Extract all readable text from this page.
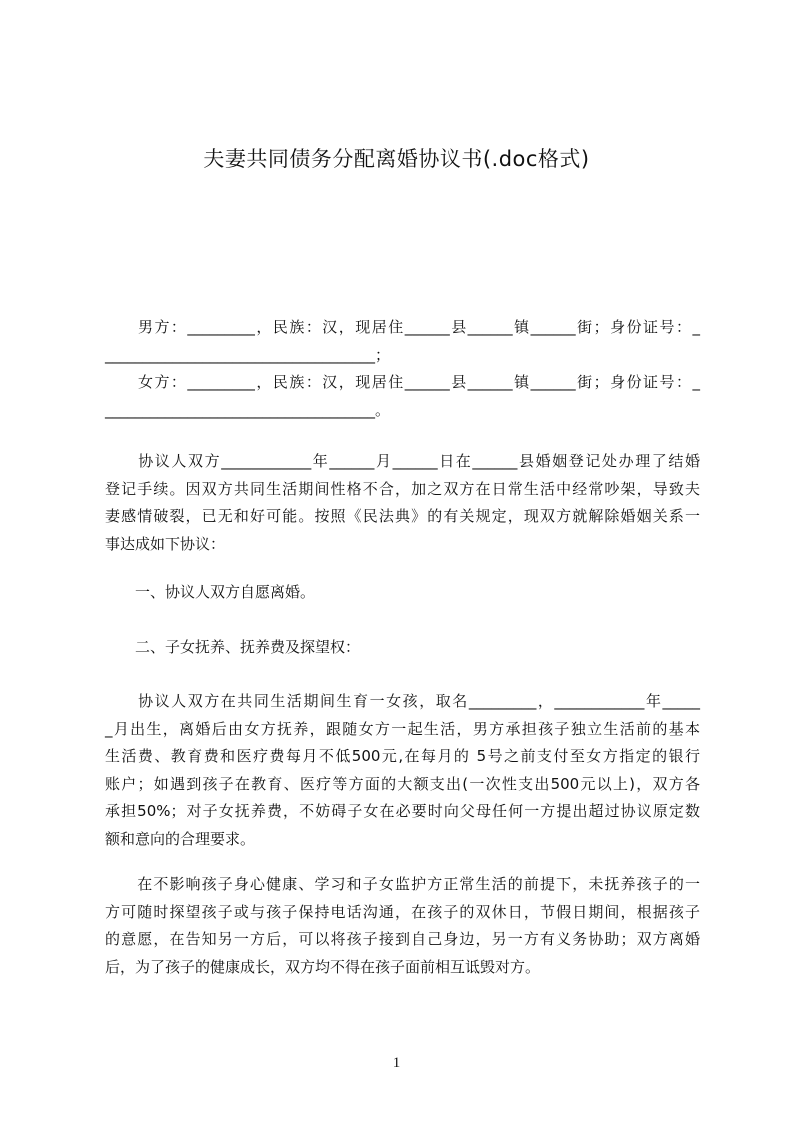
夫妻共同债务分配离婚协议书(.doc格式)
　　男方：_________，民族：汉，现居住______县______镇______街；身份证号：_
____________________________________；
　　女方：_________，民族：汉，现居住______县______镇______街；身份证号：_
____________________________________。
　　协议人双方____________年______月______日在______县婚姻登记处办理了结婚
登记手续。因双方共同生活期间性格不合，加之双方在日常生活中经常吵架，导致夫
妻感情破裂，已无和好可能。按照《民法典》的有关规定，现双方就解除婚姻关系一
事达成如下协议：
　　一、协议人双方自愿离婚。
　　二、子女抚养、抚养费及探望权：
　　协议人双方在共同生活期间生育一女孩，取名_________，____________年_____
_月出生，离婚后由女方抚养，跟随女方一起生活，男方承担孩子独立生活前的基本
生活费、教育费和医疗费每月不低500元,在每月的 5号之前支付至女方指定的银行
账户；如遇到孩子在教育、医疗等方面的大额支出(一次性支出500元以上)，双方各
承担50%；对子女抚养费，不妨碍子女在必要时向父母任何一方提出超过协议原定数
额和意向的合理要求。
　　在不影响孩子身心健康、学习和子女监护方正常生活的前提下，未抚养孩子的一
方可随时探望孩子或与孩子保持电话沟通，在孩子的双休日，节假日期间，根据孩子
的意愿，在告知另一方后，可以将孩子接到自己身边，另一方有义务协助；双方离婚
后，为了孩子的健康成长，双方均不得在孩子面前相互诋毁对方。
1
